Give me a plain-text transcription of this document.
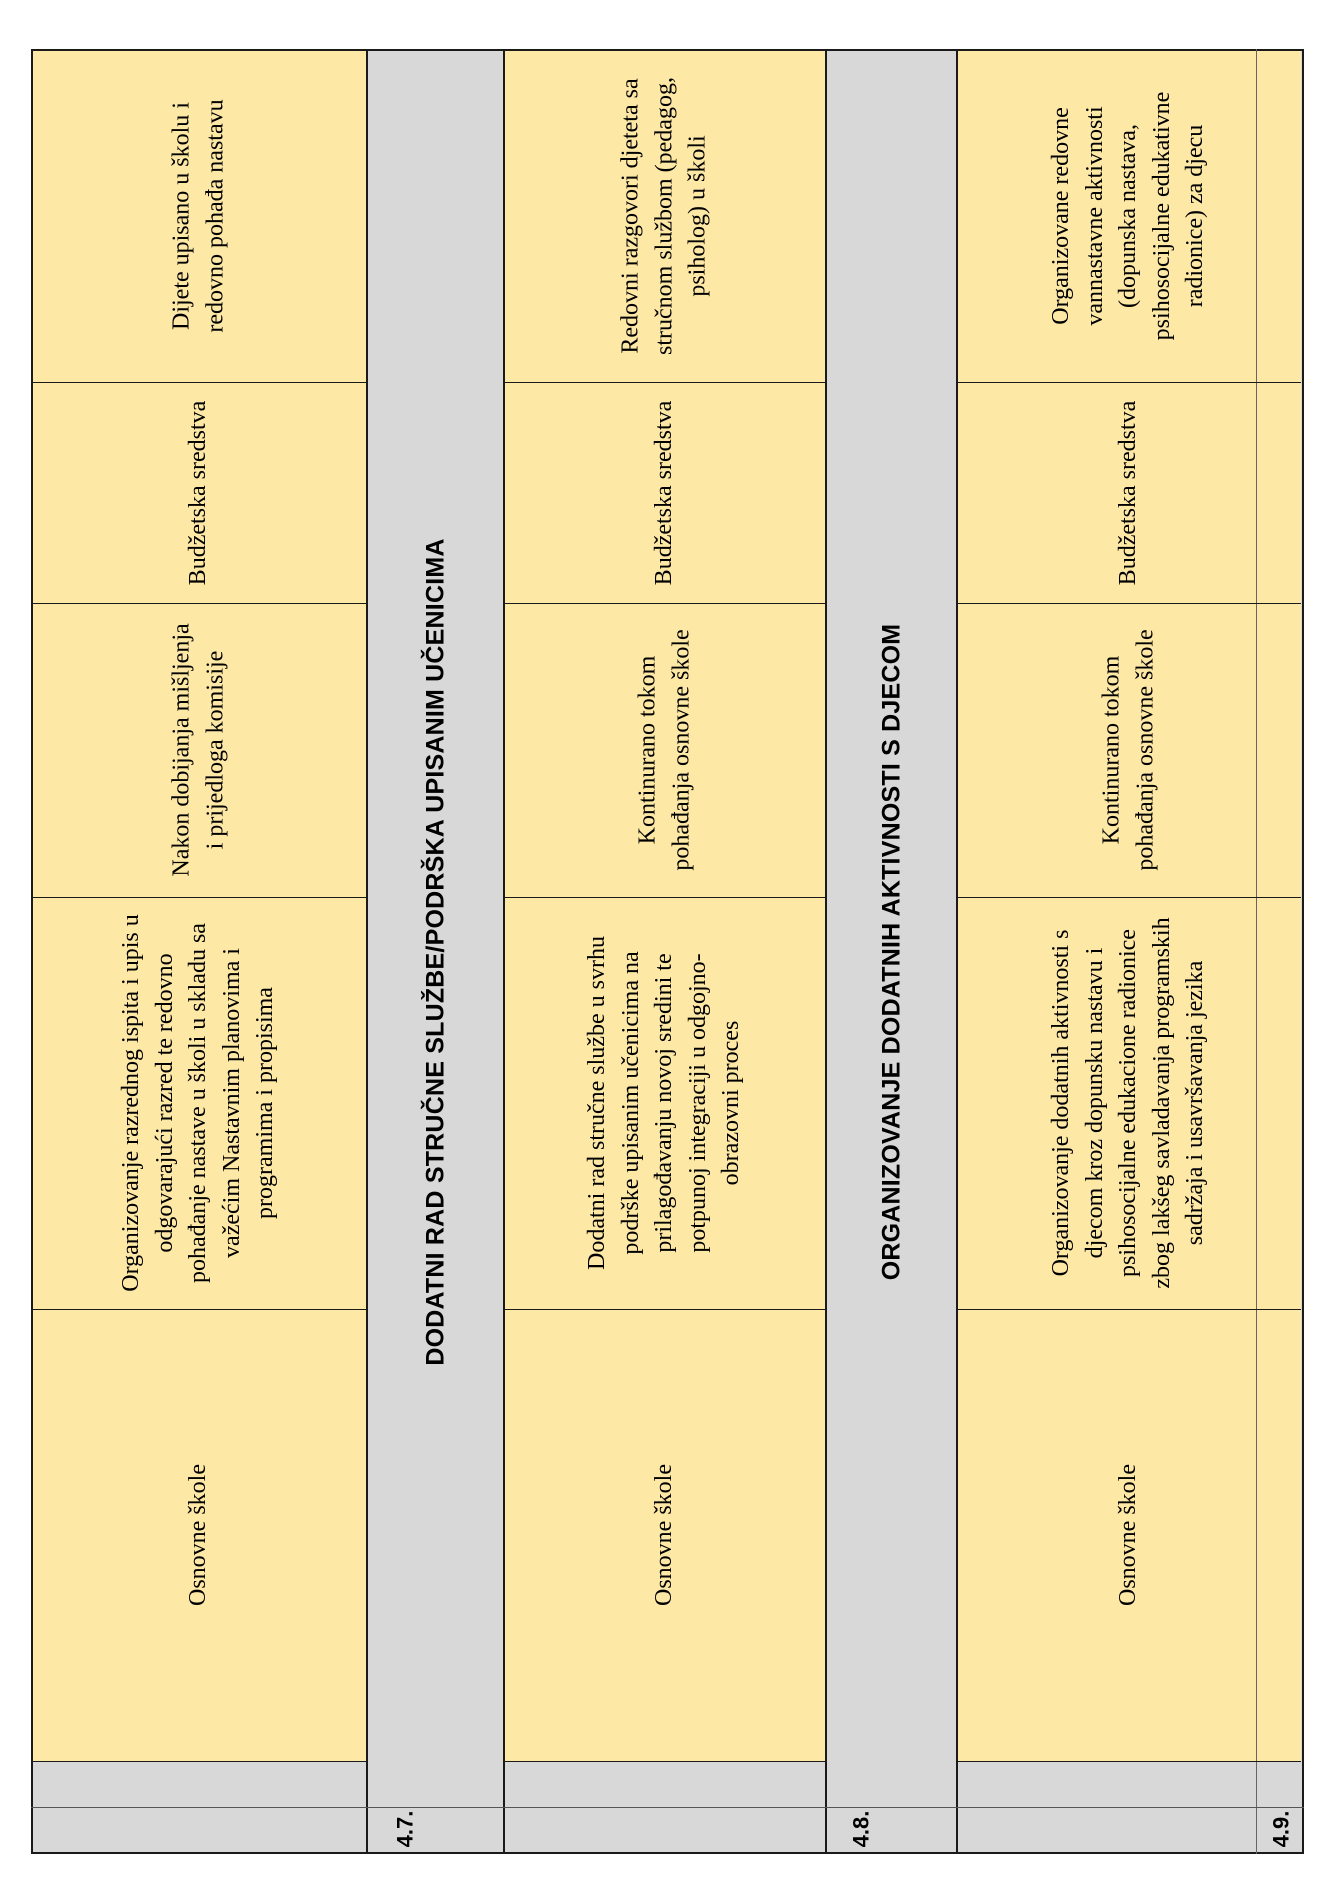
Dijete upisano u školu i redovno pohađa nastavu
Budžetska sredstva
Nakon dobijanja mišljenja i prijedloga komisije
Organizovanje razrednog ispita i upis u odgovarajući razred te redovno pohađanje nastave u školi u skladu sa važećim Nastavnim planovima i programima i propisima
Osnovne škole
DODATNI RAD STRUČNE SLUŽBE/PODRŠKA UPISANIM UČENICIMA
4.7.
Redovni razgovori djeteta sa stručnom službom (pedagog, psiholog) u školi
Budžetska sredstva
Kontinurano tokom pohađanja osnovne škole
Dodatni rad stručne službe u svrhu podrške upisanim učenicima na prilagođavanju novoj sredini te potpunoj integraciji u odgojno-obrazovni proces
Osnovne škole
ORGANIZOVANJE DODATNIH AKTIVNOSTI S DJECOM
4.8.
Organizovane redovne vannastavne aktivnosti (dopunska nastava, psihosocijalne edukativne radionice) za djecu
Budžetska sredstva
Kontinurano tokom pohađanja osnovne škole
Organizovanje dodatnih aktivnosti s djecom kroz dopunsku nastavu i psihosocijalne edukacione radionice zbog lakšeg savladavanja programskih sadržaja i usavršavanja jezika
Osnovne škole
4.9.
